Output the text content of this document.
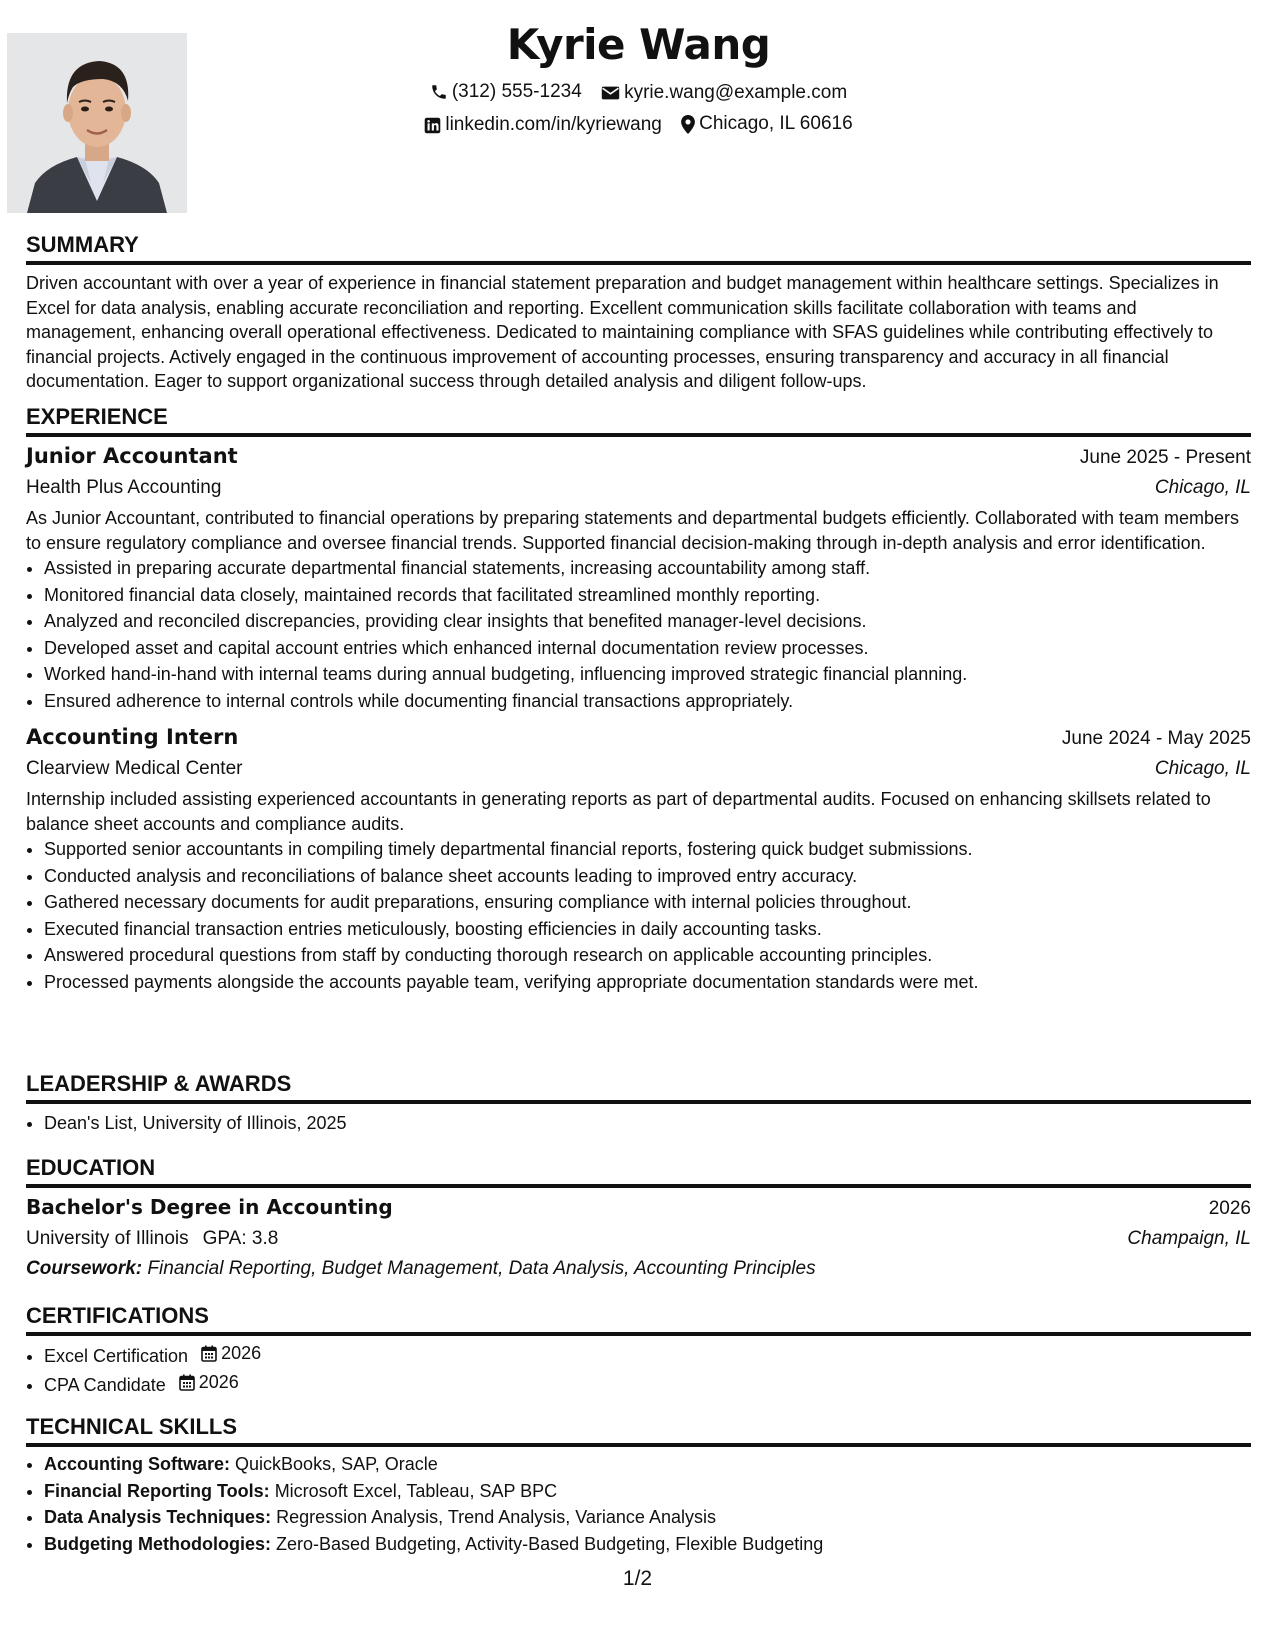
Kyrie Wang
(312) 555-1234
kyrie.wang@example.com
linkedin.com/in/kyriewang
Chicago, IL 60616
SUMMARY

Driven accountant with over a year of experience in financial statement preparation and budget management within healthcare settings. Specializes in Excel for data analysis, enabling accurate reconciliation and reporting. Excellent communication skills facilitate collaboration with teams and management, enhancing overall operational effectiveness. Dedicated to maintaining compliance with SFAS guidelines while contributing effectively to financial projects. Actively engaged in the continuous improvement of accounting processes, ensuring transparency and accuracy in all financial documentation. Eager to support organizational success through detailed analysis and diligent follow-ups.

EXPERIENCE
Junior Accountant	June 2025 - Present
Health Plus Accounting	Chicago, IL

As Junior Accountant, contributed to financial operations by preparing statements and departmental budgets efficiently. Collaborated with team members to ensure regulatory compliance and oversee financial trends. Supported financial decision-making through in-depth analysis and error identification.

• Assisted in preparing accurate departmental financial statements, increasing accountability among staff.
• Monitored financial data closely, maintained records that facilitated streamlined monthly reporting.
• Analyzed and reconciled discrepancies, providing clear insights that benefited manager-level decisions.
• Developed asset and capital account entries which enhanced internal documentation review processes.
• Worked hand-in-hand with internal teams during annual budgeting, influencing improved strategic financial planning.
• Ensured adherence to internal controls while documenting financial transactions appropriately.
Accounting Intern	June 2024 - May 2025
Clearview Medical Center	Chicago, IL

Internship included assisting experienced accountants in generating reports as part of departmental audits. Focused on enhancing skillsets related to balance sheet accounts and compliance audits.

• Supported senior accountants in compiling timely departmental financial reports, fostering quick budget submissions.
• Conducted analysis and reconciliations of balance sheet accounts leading to improved entry accuracy.
• Gathered necessary documents for audit preparations, ensuring compliance with internal policies throughout.
• Executed financial transaction entries meticulously, boosting efficiencies in daily accounting tasks.
• Answered procedural questions from staff by conducting thorough research on applicable accounting principles.
• Processed payments alongside the accounts payable team, verifying appropriate documentation standards were met.
LEADERSHIP & AWARDS
• Dean's List, University of Illinois, 2025
EDUCATION
Bachelor's Degree in Accounting	2026
University of Illinois GPA: 3.8	Champaign, IL
Coursework: Financial Reporting, Budget Management, Data Analysis, Accounting Principles
CERTIFICATIONS
• Excel Certification 2026
• CPA Candidate 2026
TECHNICAL SKILLS
• Accounting Software: QuickBooks, SAP, Oracle
• Financial Reporting Tools: Microsoft Excel, Tableau, SAP BPC
• Data Analysis Techniques: Regression Analysis, Trend Analysis, Variance Analysis
• Budgeting Methodologies: Zero-Based Budgeting, Activity-Based Budgeting, Flexible Budgeting
1/2
